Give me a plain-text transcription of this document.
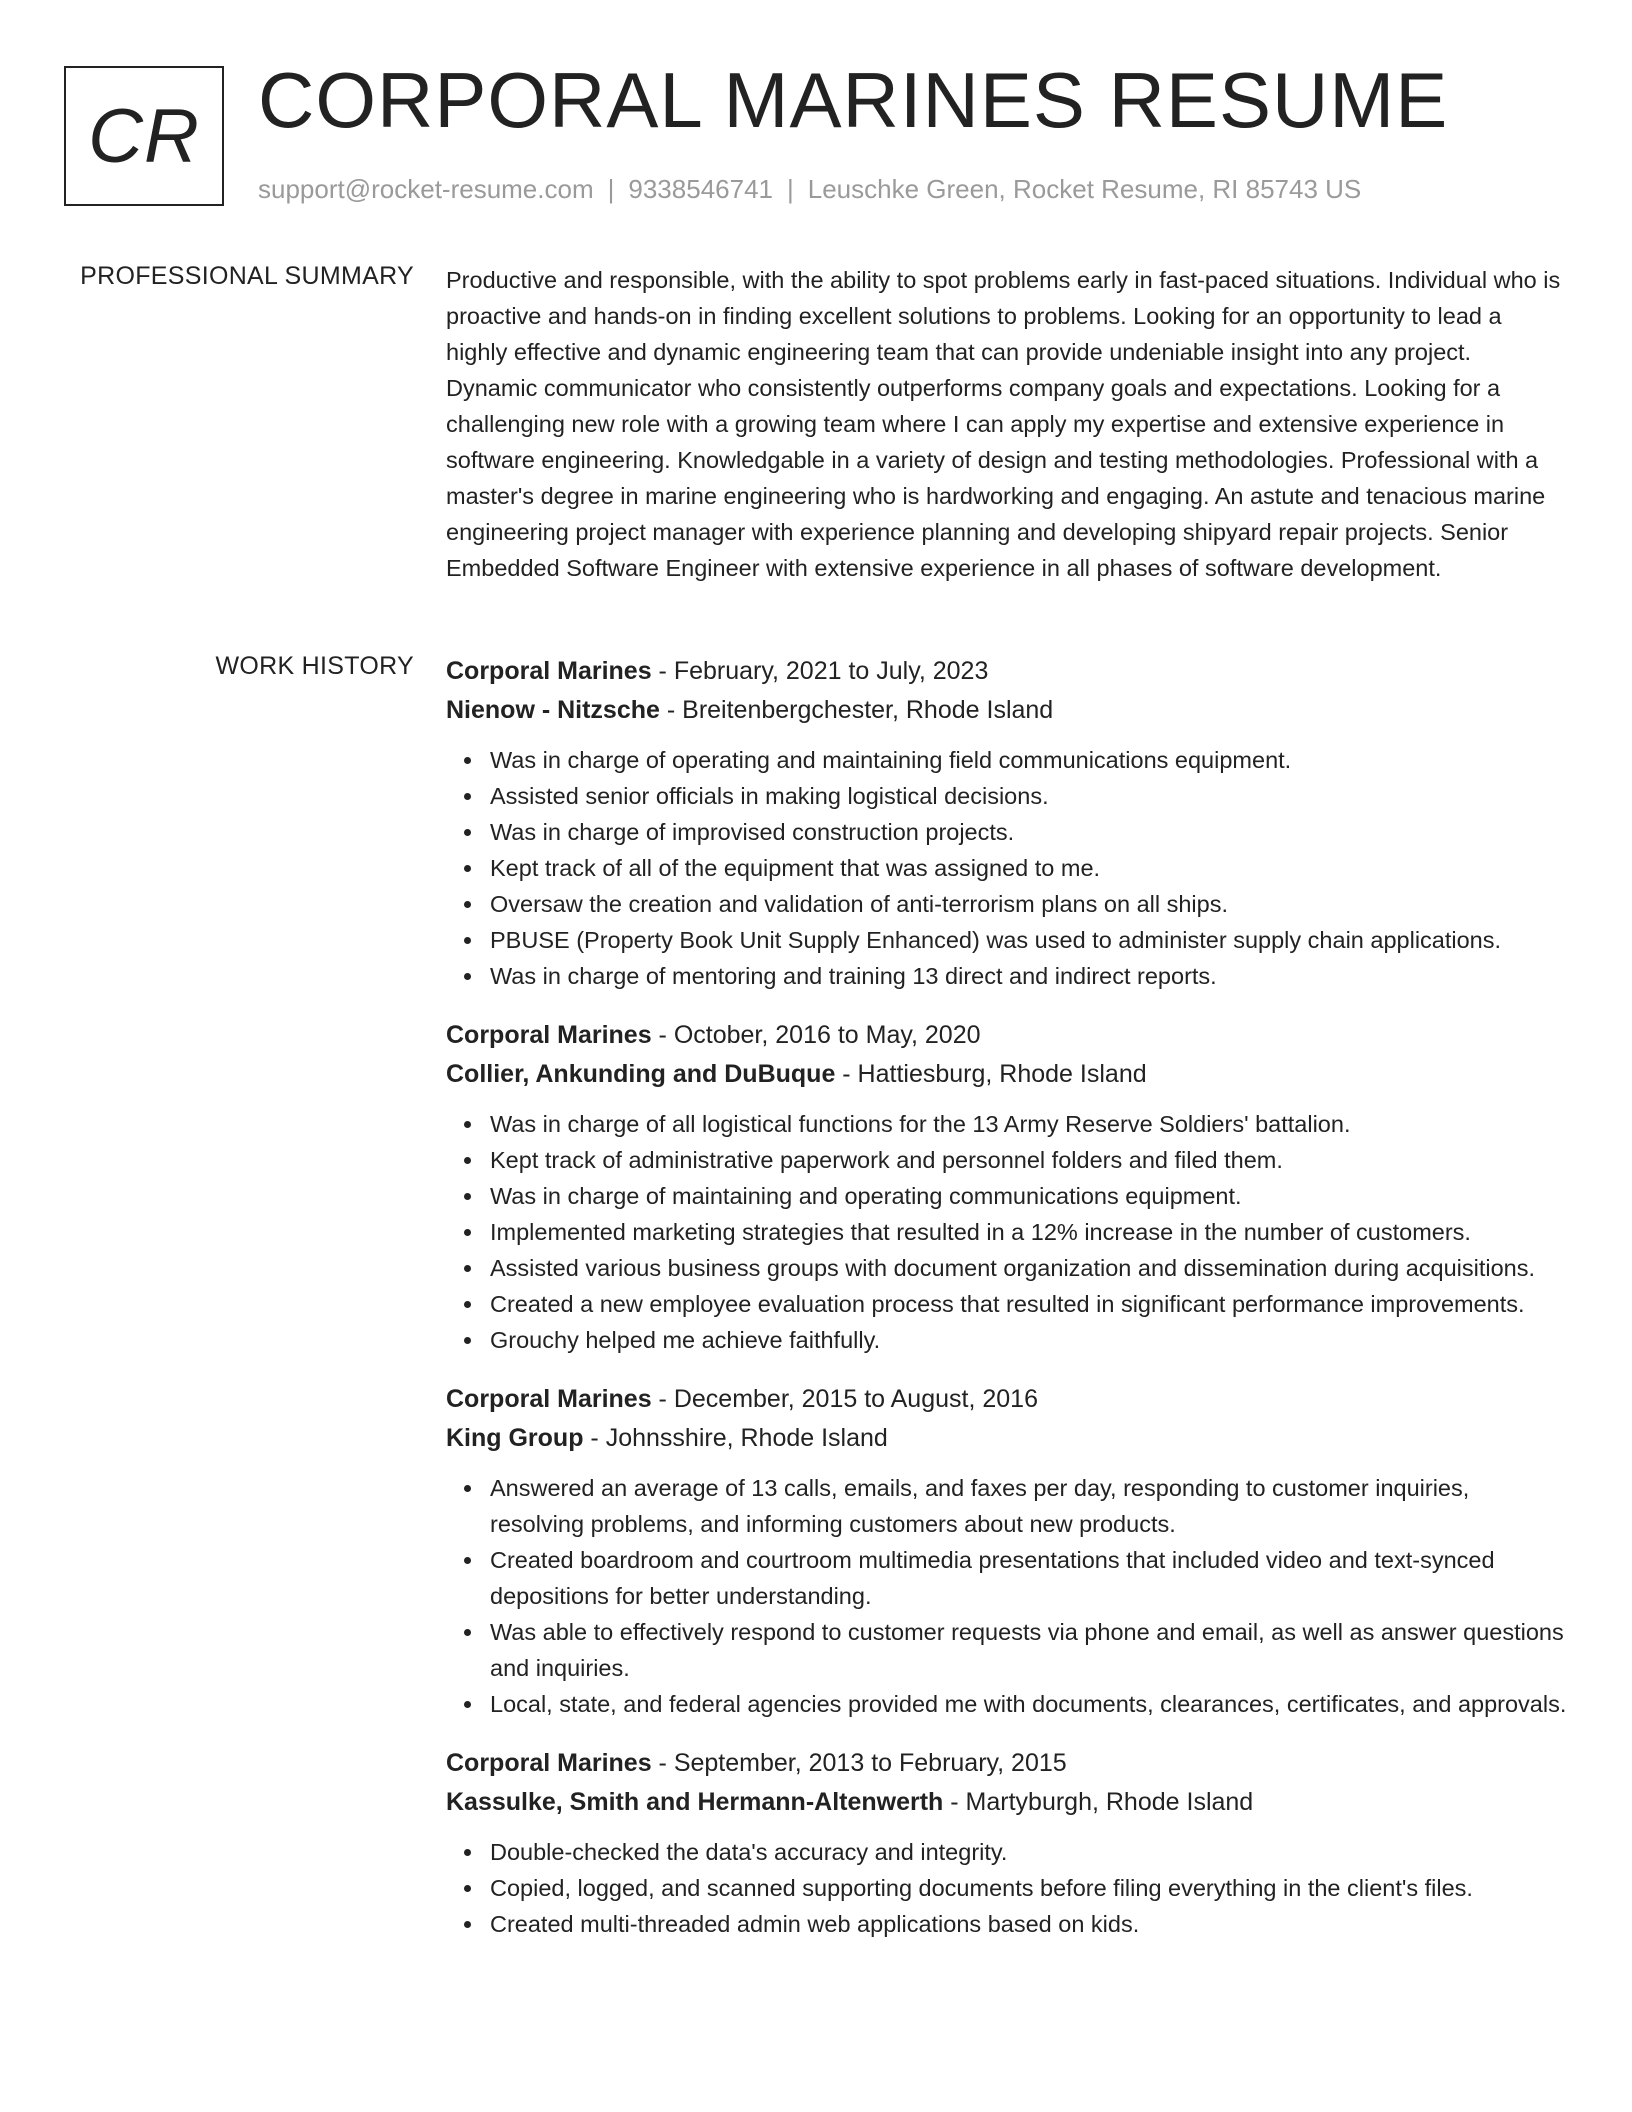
CR CORPORAL MARINES RESUME
support@rocket-resume.com | 9338546741 | Leuschke Green, Rocket Resume, RI 85743 US
PROFESSIONAL SUMMARY Productive and responsible, with the ability to spot problems early in fast-paced situations. Individual who is proactive and hands-on in finding excellent solutions to problems. Looking for an opportunity to lead a highly effective and dynamic engineering team that can provide undeniable insight into any project. Dynamic communicator who consistently outperforms company goals and expectations. Looking for a challenging new role with a growing team where I can apply my expertise and extensive experience in software engineering. Knowledgable in a variety of design and testing methodologies. Professional with a master's degree in marine engineering who is hardworking and engaging. An astute and tenacious marine engineering project manager with experience planning and developing shipyard repair projects. Senior Embedded Software Engineer with extensive experience in all phases of software development.

WORK HISTORY Corporal Marines - February, 2021 to July, 2023
Nienow - Nitzsche - Breitenbergchester, Rhode Island
Was in charge of operating and maintaining field communications equipment.
Assisted senior officials in making logistical decisions.
Was in charge of improvised construction projects.
Kept track of all of the equipment that was assigned to me.
Oversaw the creation and validation of anti-terrorism plans on all ships.
PBUSE (Property Book Unit Supply Enhanced) was used to administer supply chain applications.
Was in charge of mentoring and training 13 direct and indirect reports.
Corporal Marines - October, 2016 to May, 2020
Collier, Ankunding and DuBuque - Hattiesburg, Rhode Island
Was in charge of all logistical functions for the 13 Army Reserve Soldiers' battalion.
Kept track of administrative paperwork and personnel folders and filed them.
Was in charge of maintaining and operating communications equipment.
Implemented marketing strategies that resulted in a 12% increase in the number of customers.
Assisted various business groups with document organization and dissemination during acquisitions.
Created a new employee evaluation process that resulted in significant performance improvements.
Grouchy helped me achieve faithfully.
Corporal Marines - December, 2015 to August, 2016
King Group - Johnsshire, Rhode Island
Answered an average of 13 calls, emails, and faxes per day, responding to customer inquiries, resolving problems, and informing customers about new products.
Created boardroom and courtroom multimedia presentations that included video and text-synced depositions for better understanding.
Was able to effectively respond to customer requests via phone and email, as well as answer questions and inquiries.
Local, state, and federal agencies provided me with documents, clearances, certificates, and approvals.
Corporal Marines - September, 2013 to February, 2015
Kassulke, Smith and Hermann-Altenwerth - Martyburgh, Rhode Island
Double-checked the data's accuracy and integrity.
Copied, logged, and scanned supporting documents before filing everything in the client's files.
Created multi-threaded admin web applications based on kids.
